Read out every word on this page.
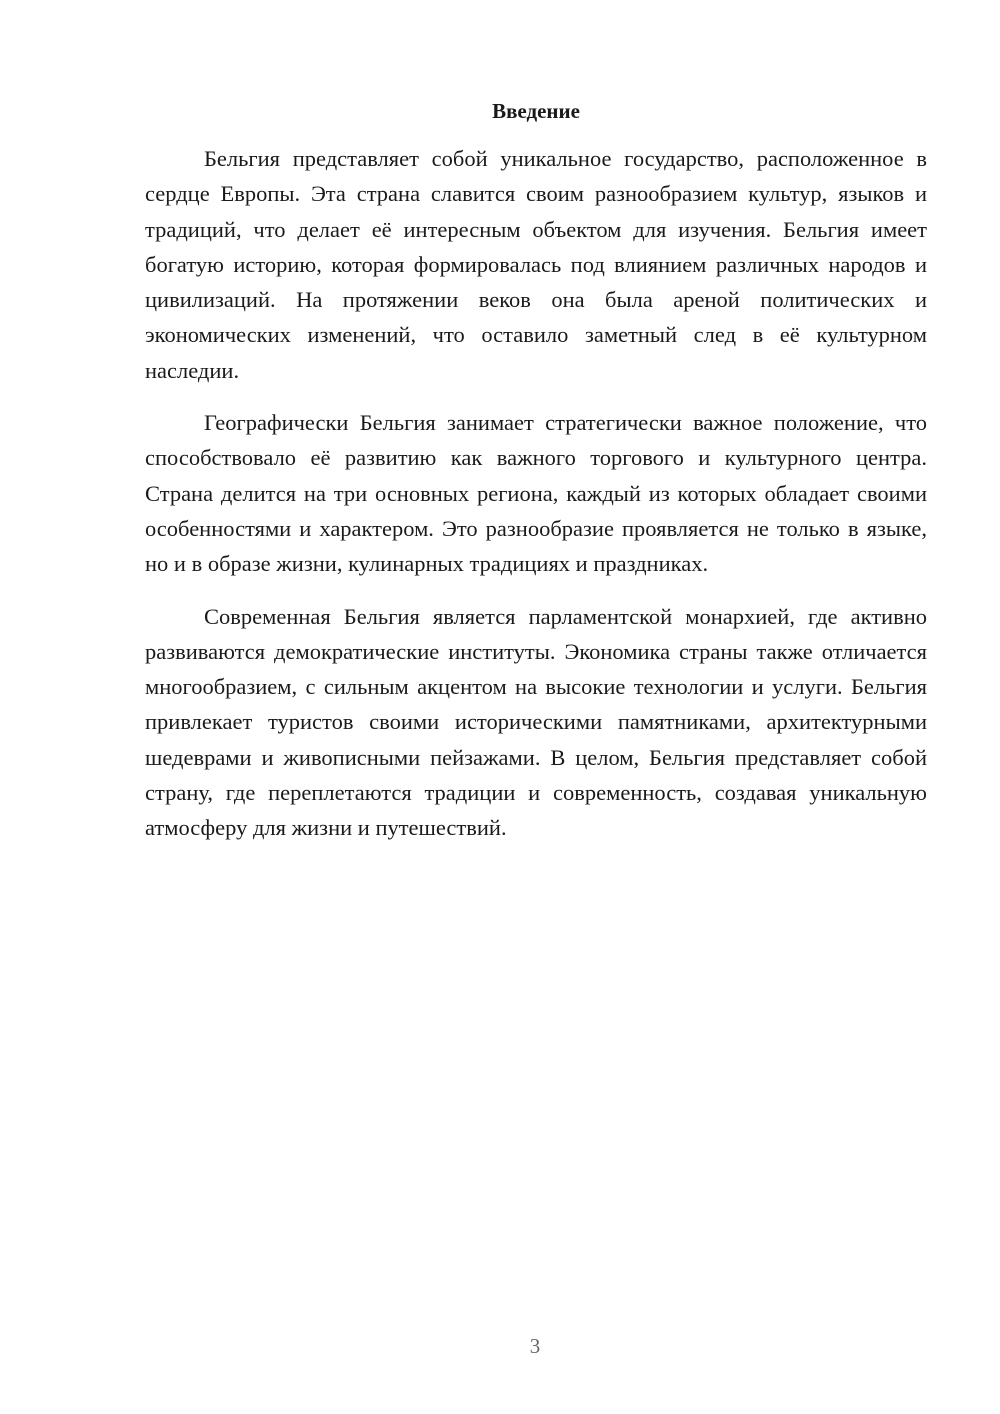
Введение

Бельгия представляет собой уникальное государство, расположенное в сердце Европы. Эта страна славится своим разнообразием культур, языков и традиций, что делает её интересным объектом для изучения. Бельгия имеет богатую историю, которая формировалась под влиянием различных народов и цивилизаций. На протяжении веков она была ареной политических и экономических изменений, что оставило заметный след в её культурном наследии.

Географически Бельгия занимает стратегически важное положение, что способствовало её развитию как важного торгового и культурного центра. Страна делится на три основных региона, каждый из которых обладает своими особенностями и характером. Это разнообразие проявляется не только в языке, но и в образе жизни, кулинарных традициях и праздниках.

Современная Бельгия является парламентской монархией, где активно развиваются демократические институты. Экономика страны также отличается многообразием, с сильным акцентом на высокие технологии и услуги. Бельгия привлекает туристов своими историческими памятниками, архитектурными шедеврами и живописными пейзажами. В целом, Бельгия представляет собой страну, где переплетаются традиции и современность, создавая уникальную атмосферу для жизни и путешествий.

3
